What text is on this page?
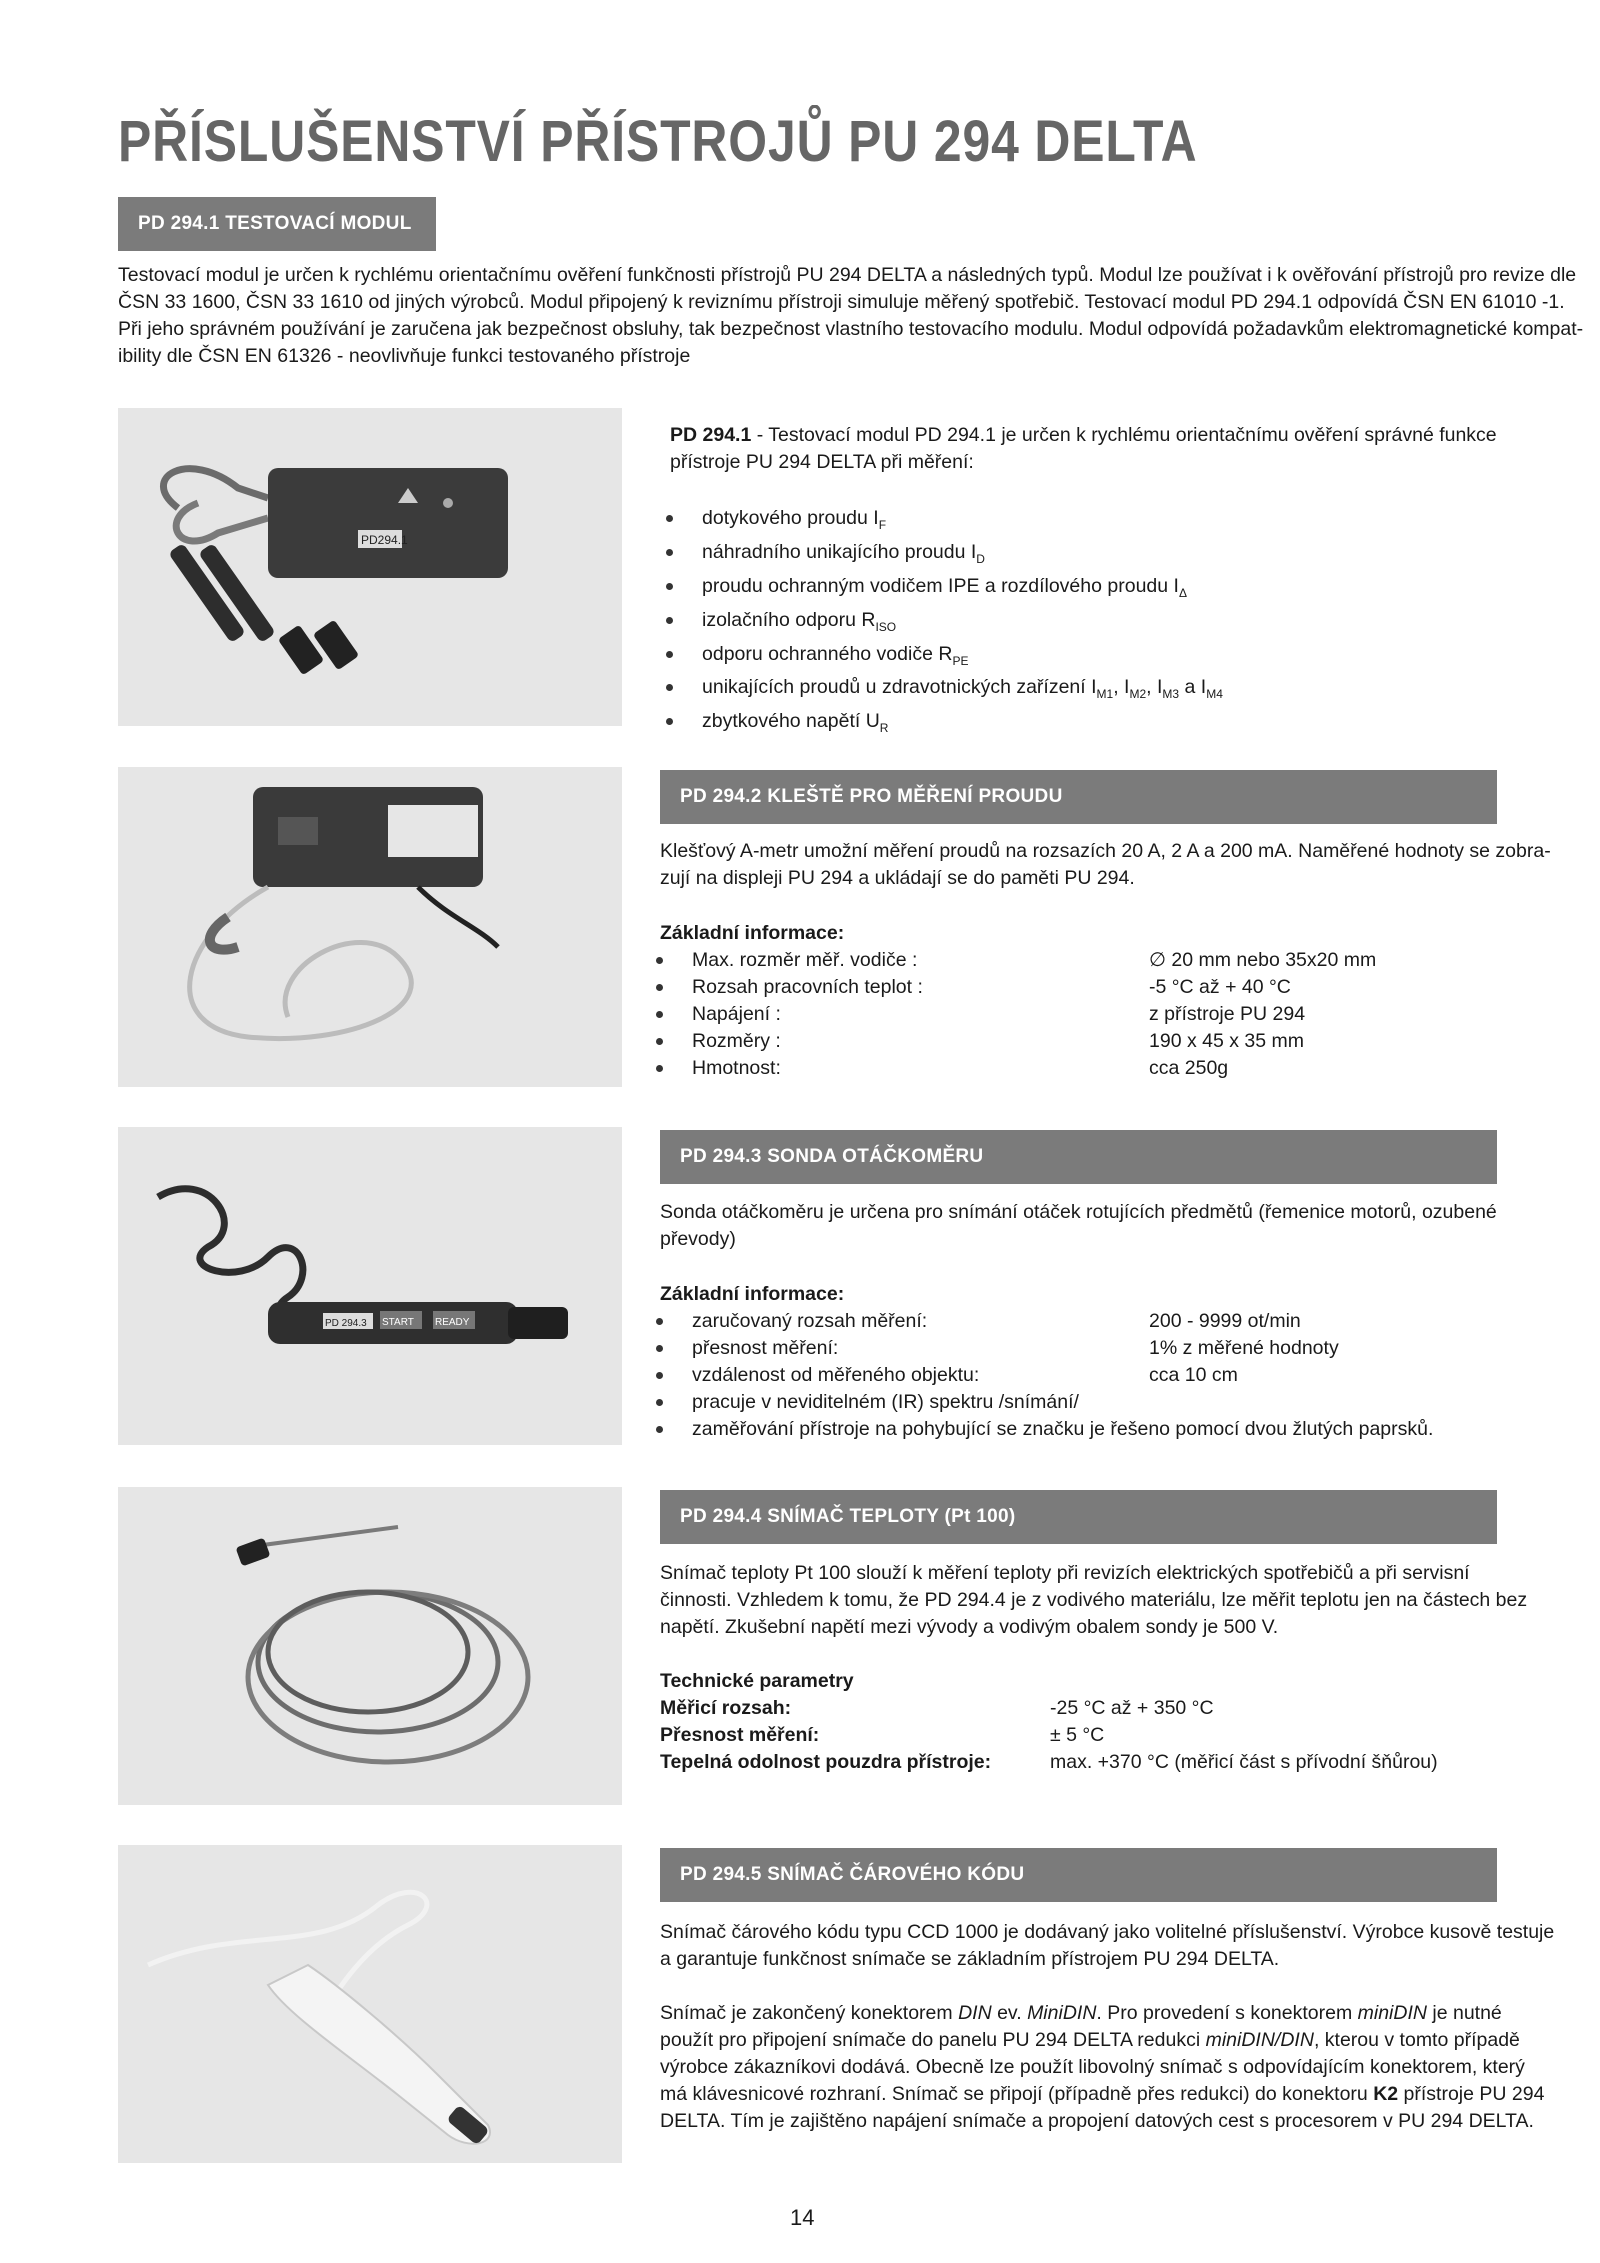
PŘÍSLUŠENSTVÍ PŘÍSTROJŮ PU 294 DELTA
PD 294.1 TESTOVACÍ MODUL

Testovací modul je určen k rychlému orientačnímu ověření funkčnosti přístrojů PU 294 DELTA a následných typů. Modul lze používat i k ověřování přístrojů pro revize dle

ČSN 33 1600, ČSN 33 1610 od jiných výrobců. Modul připojený k reviznímu přístroji simuluje měřený spotřebič. Testovací modul PD 294.1 odpovídá ČSN EN 61010 -1.

Při jeho správném používání je zaručena jak bezpečnost obsluhy, tak bezpečnost vlastního testovacího modulu. Modul odpovídá požadavkům elektromagnetické kompat-

ibility dle ČSN EN 61326 - neovlivňuje funkci testovaného přístroje

PD294.1

PD 294.1 - Testovací modul PD 294.1 je určen k rychlému orientačnímu ověření správné funkce

přístroje PU 294 DELTA při měření:

dotykového proudu $I_F$
náhradního unikajícího proudu $I_D$
proudu ochranným vodičem IPE a rozdílového proudu $I_\Delta$
izolačního odporu $R_{ISO}$
odporu ochranného vodiče $R_{PE}$
unikajících proudů u zdravotnických zařízení $I_{M1}$, $I_{M2}$, $I_{M3}$ a $I_{M4}$
zbytkového napětí $U_R$
PD 294.2 KLEŠTĚ PRO MĚŘENÍ PROUDU

Klešťový A-metr umožní měření proudů na rozsazích 20 A, 2 A a 200 mA. Naměřené hodnoty se zobra-

zují na displeji PU 294 a ukládají se do paměti PU 294.

Základní informace:
Max. rozměr měř. vodiče :	∅ 20 mm nebo 35x20 mm
Rozsah pracovních teplot :	-5 °C až + 40 °C
Napájení :	z přístroje PU 294
Rozměry :	190 x 45 x 35 mm
Hmotnost:	cca 250g
PD 294.3 START READY
PD 294.3 SONDA OTÁČKOMĚRU

Sonda otáčkoměru je určena pro snímání otáček rotujících předmětů (řemenice motorů, ozubené

převody)

Základní informace:
zaručovaný rozsah měření:	200 - 9999 ot/min
přesnost měření:	1% z měřené hodnoty
vzdálenost od měřeného objektu:	cca 10 cm
pracuje v neviditelném (IR) spektru /snímání/
zaměřování přístroje na pohybující se značku je řešeno pomocí dvou žlutých paprsků.
PD 294.4 SNÍMAČ TEPLOTY (Pt 100)

Snímač teploty Pt 100 slouží k měření teploty při revizích elektrických spotřebičů a při servisní

činnosti. Vzhledem k tomu, že PD 294.4 je z vodivého materiálu, lze měřit teplotu jen na částech bez

napětí. Zkušební napětí mezi vývody a vodivým obalem sondy je 500 V.

Technické parametry
Měřicí rozsah:	-25 °C až + 350 °C
Přesnost měření:	± 5 °C
Tepelná odolnost pouzdra přístroje:	max. +370 °C (měřicí část s přívodní šňůrou)
PD 294.5 SNÍMAČ ČÁROVÉHO KÓDU

Snímač čárového kódu typu CCD 1000 je dodávaný jako volitelné příslušenství. Výrobce kusově testuje

a garantuje funkčnost snímače se základním přístrojem PU 294 DELTA.

Snímač je zakončený konektorem DIN ev. MiniDIN. Pro provedení s konektorem miniDIN je nutné

použít pro připojení snímače do panelu PU 294 DELTA redukci miniDIN/DIN, kterou v tomto případě

výrobce zákazníkovi dodává. Obecně lze použít libovolný snímač s odpovídajícím konektorem, který

má klávesnicové rozhraní. Snímač se připojí (případně přes redukci) do konektoru K2 přístroje PU 294

DELTA. Tím je zajištěno napájení snímače a propojení datových cest s procesorem v PU 294 DELTA.

14
